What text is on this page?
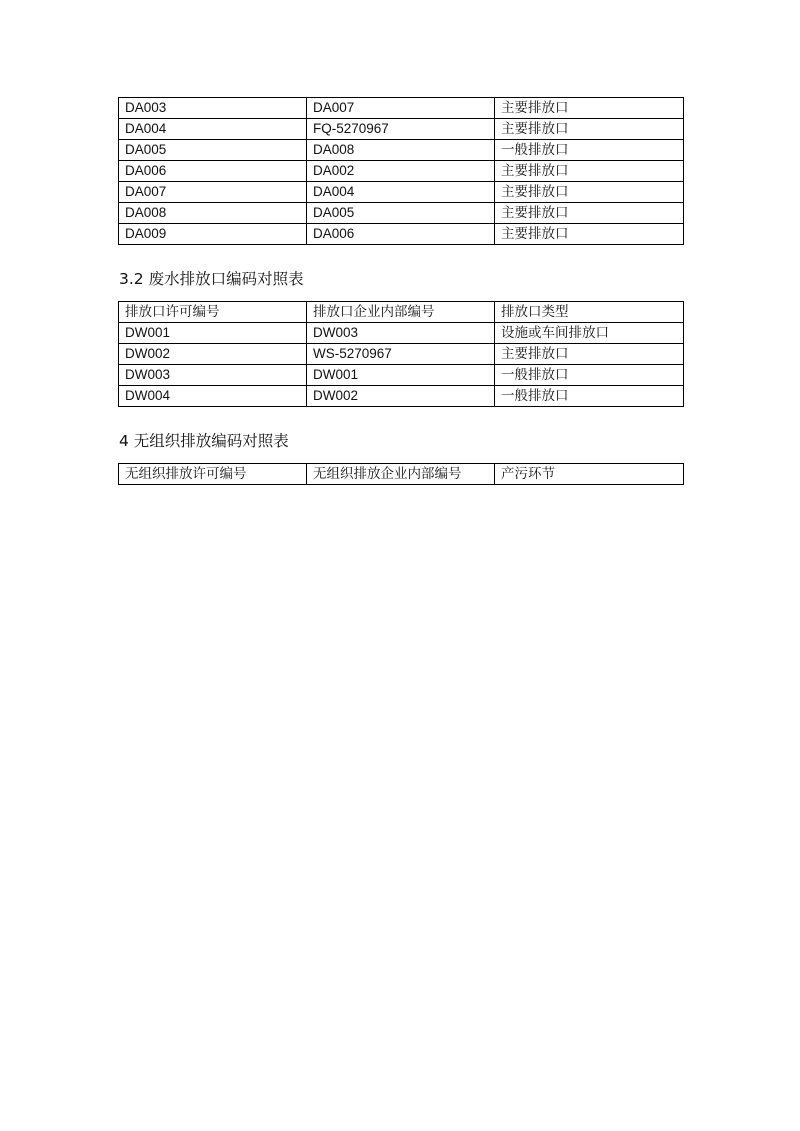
DA003	DA007	主要排放口
DA004	FQ-5270967	主要排放口
DA005	DA008	一般排放口
DA006	DA002	主要排放口
DA007	DA004	主要排放口
DA008	DA005	主要排放口
DA009	DA006	主要排放口
3.2 废水排放口编码对照表
排放口许可编号	排放口企业内部编号	排放口类型
DW001	DW003	设施或车间排放口
DW002	WS-5270967	主要排放口
DW003	DW001	一般排放口
DW004	DW002	一般排放口
4 无组织排放编码对照表
无组织排放许可编号	无组织排放企业内部编号	产污环节
